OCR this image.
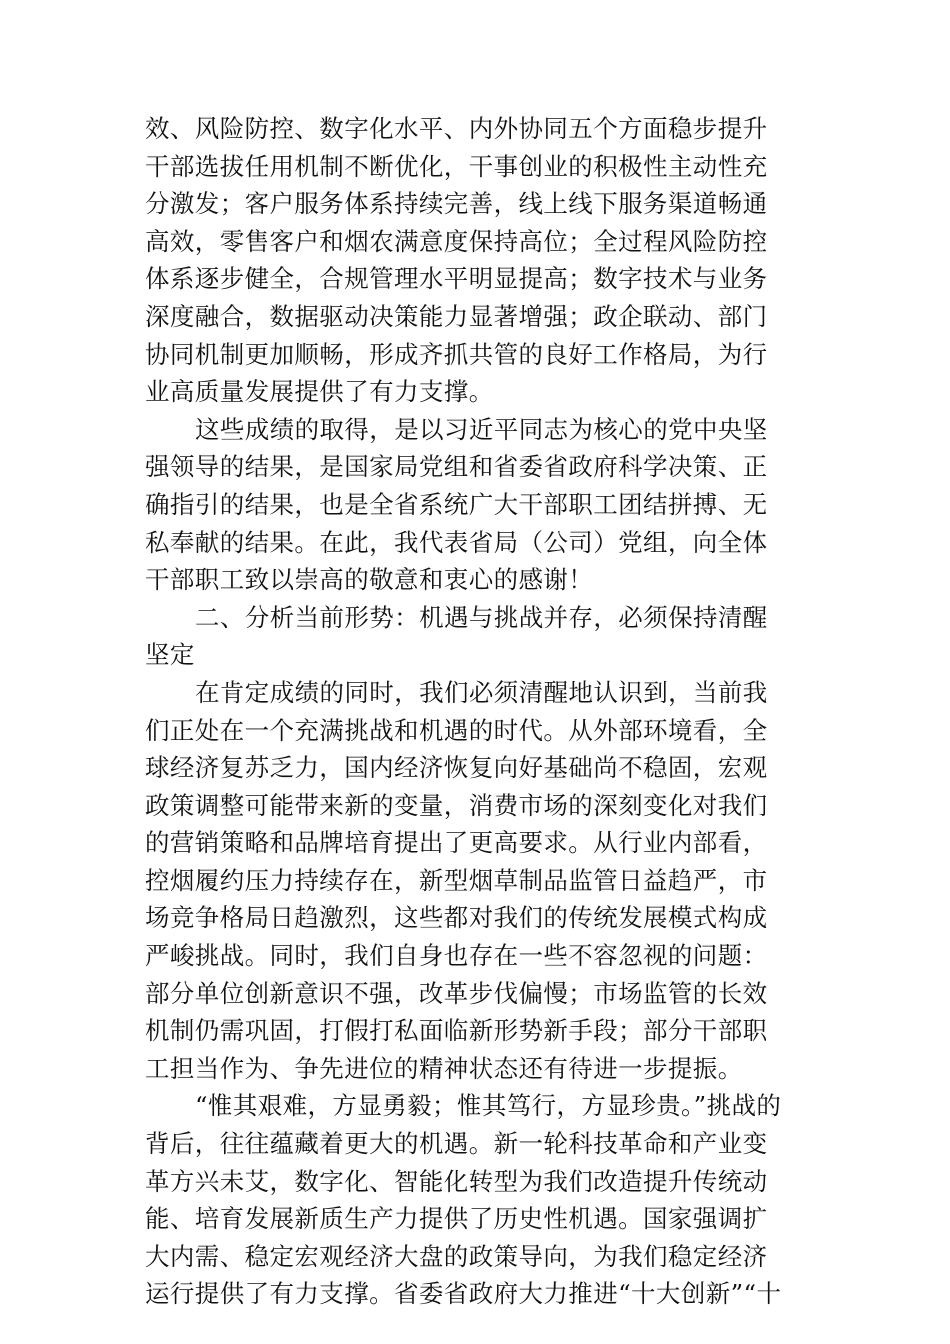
效、风险防控、数字化水平、内外协同五个方面稳步提升
干部选拔任用机制不断优化，干事创业的积极性主动性充
分激发；客户服务体系持续完善，线上线下服务渠道畅通
高效，零售客户和烟农满意度保持高位；全过程风险防控
体系逐步健全，合规管理水平明显提高；数字技术与业务
深度融合，数据驱动决策能力显著增强；政企联动、部门
协同机制更加顺畅，形成齐抓共管的良好工作格局，为行
业高质量发展提供了有力支撑。
这些成绩的取得，是以习近平同志为核心的党中央坚
强领导的结果，是国家局党组和省委省政府科学决策、正
确指引的结果，也是全省系统广大干部职工团结拼搏、无
私奉献的结果。在此，我代表省局（公司）党组，向全体
干部职工致以崇高的敬意和衷心的感谢！
二、分析当前形势：机遇与挑战并存，必须保持清醒
坚定
在肯定成绩的同时，我们必须清醒地认识到，当前我
们正处在一个充满挑战和机遇的时代。从外部环境看，全
球经济复苏乏力，国内经济恢复向好基础尚不稳固，宏观
政策调整可能带来新的变量，消费市场的深刻变化对我们
的营销策略和品牌培育提出了更高要求。从行业内部看，
控烟履约压力持续存在，新型烟草制品监管日益趋严，市
场竞争格局日趋激烈，这些都对我们的传统发展模式构成
严峻挑战。同时，我们自身也存在一些不容忽视的问题：
部分单位创新意识不强，改革步伐偏慢；市场监管的长效
机制仍需巩固，打假打私面临新形势新手段；部分干部职
工担当作为、争先进位的精神状态还有待进一步提振。
“惟其艰难，方显勇毅；惟其笃行，方显珍贵。”挑战的
背后，往往蕴藏着更大的机遇。新一轮科技革命和产业变
革方兴未艾，数字化、智能化转型为我们改造提升传统动
能、培育发展新质生产力提供了历史性机遇。国家强调扩
大内需、稳定宏观经济大盘的政策导向，为我们稳定经济
运行提供了有力支撑。省委省政府大力推进“十大创新”“十
